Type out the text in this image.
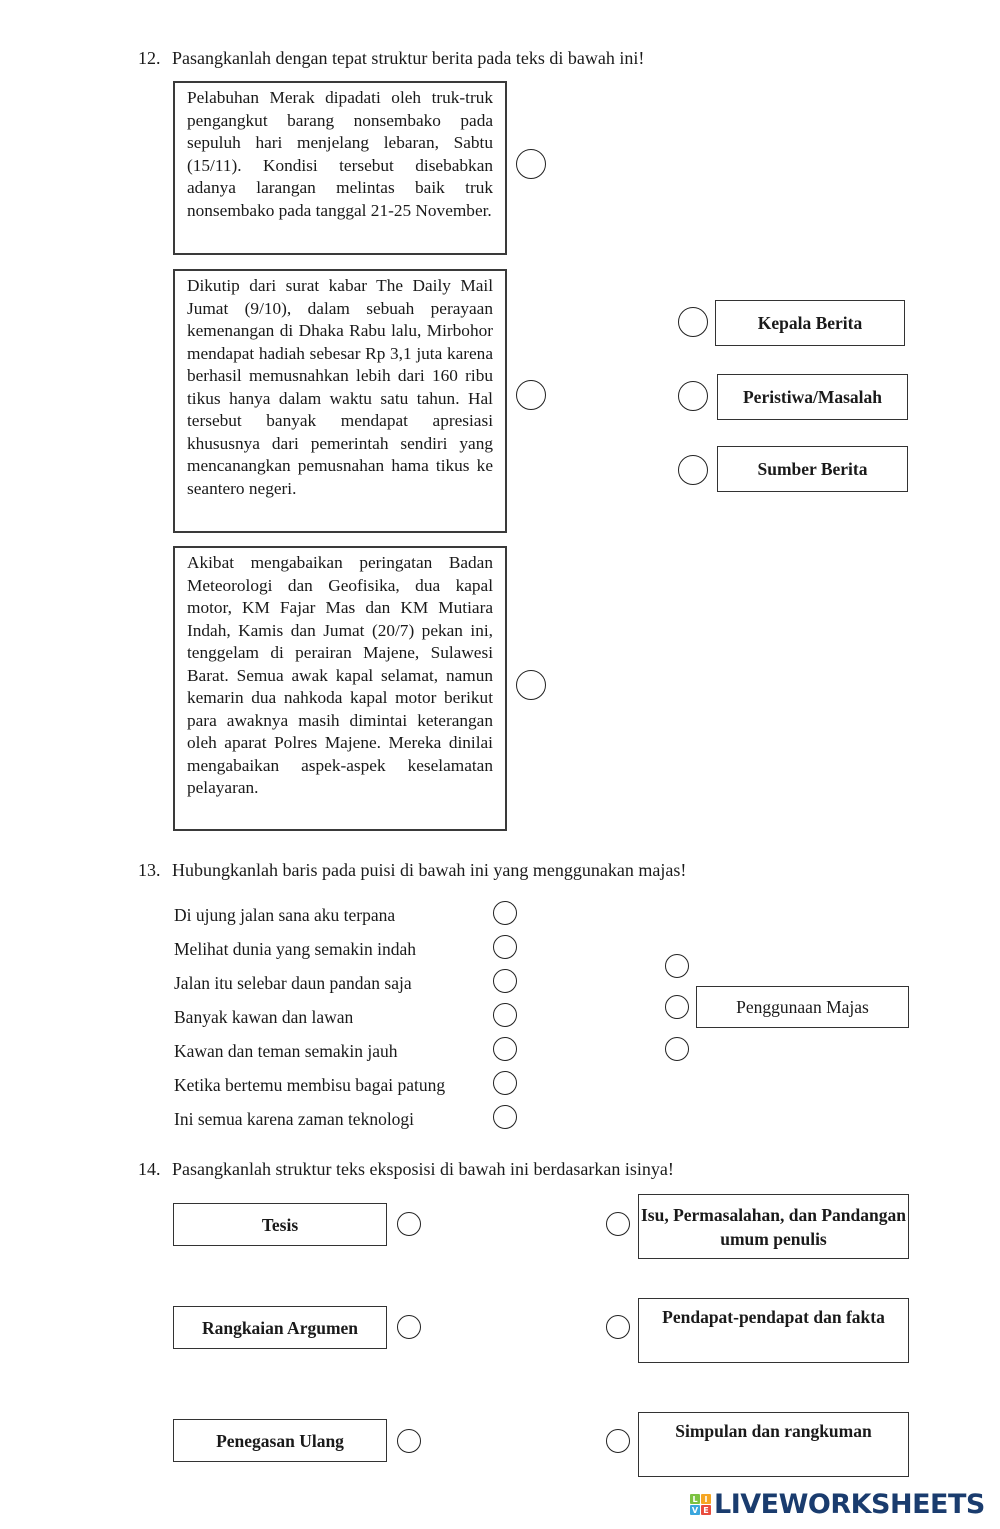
12. Pasangkanlah dengan tepat struktur berita pada teks di bawah ini!
Pelabuhan Merak dipadati oleh truk-truk pengangkut barang nonsembako pada sepuluh hari menjelang lebaran, Sabtu (15/11). Kondisi tersebut disebabkan adanya larangan melintas baik truk nonsembako pada tanggal 21-25 November.
Dikutip dari surat kabar The Daily Mail Jumat (9/10), dalam sebuah perayaan kemenangan di Dhaka Rabu lalu, Mirbohor mendapat hadiah sebesar Rp 3,1 juta karena berhasil memusnahkan lebih dari 160 ribu tikus hanya dalam waktu satu tahun. Hal tersebut banyak mendapat apresiasi khususnya dari pemerintah sendiri yang mencanangkan pemusnahan hama tikus ke seantero negeri.
Akibat mengabaikan peringatan Badan Meteorologi dan Geofisika, dua kapal motor, KM Fajar Mas dan KM Mutiara Indah, Kamis dan Jumat (20/7) pekan ini, tenggelam di perairan Majene, Sulawesi Barat. Semua awak kapal selamat, namun kemarin dua nahkoda kapal motor berikut para awaknya masih dimintai keterangan oleh aparat Polres Majene. Mereka dinilai mengabaikan aspek-aspek keselamatan pelayaran.
Kepala Berita
Peristiwa/Masalah
Sumber Berita
13. Hubungkanlah baris pada puisi di bawah ini yang menggunakan majas!
Di ujung jalan sana aku terpana
Melihat dunia yang semakin indah
Jalan itu selebar daun pandan saja
Banyak kawan dan lawan
Kawan dan teman semakin jauh
Ketika bertemu membisu bagai patung
Ini semua karena zaman teknologi
Penggunaan Majas
14. Pasangkanlah struktur teks eksposisi di bawah ini berdasarkan isinya!
Tesis
Rangkaian Argumen
Penegasan Ulang
Isu, Permasalahan, dan Pandangan umum penulis
Pendapat-pendapat dan fakta
Simpulan dan rangkuman
L I
V E LIVEWORKSHEETS
